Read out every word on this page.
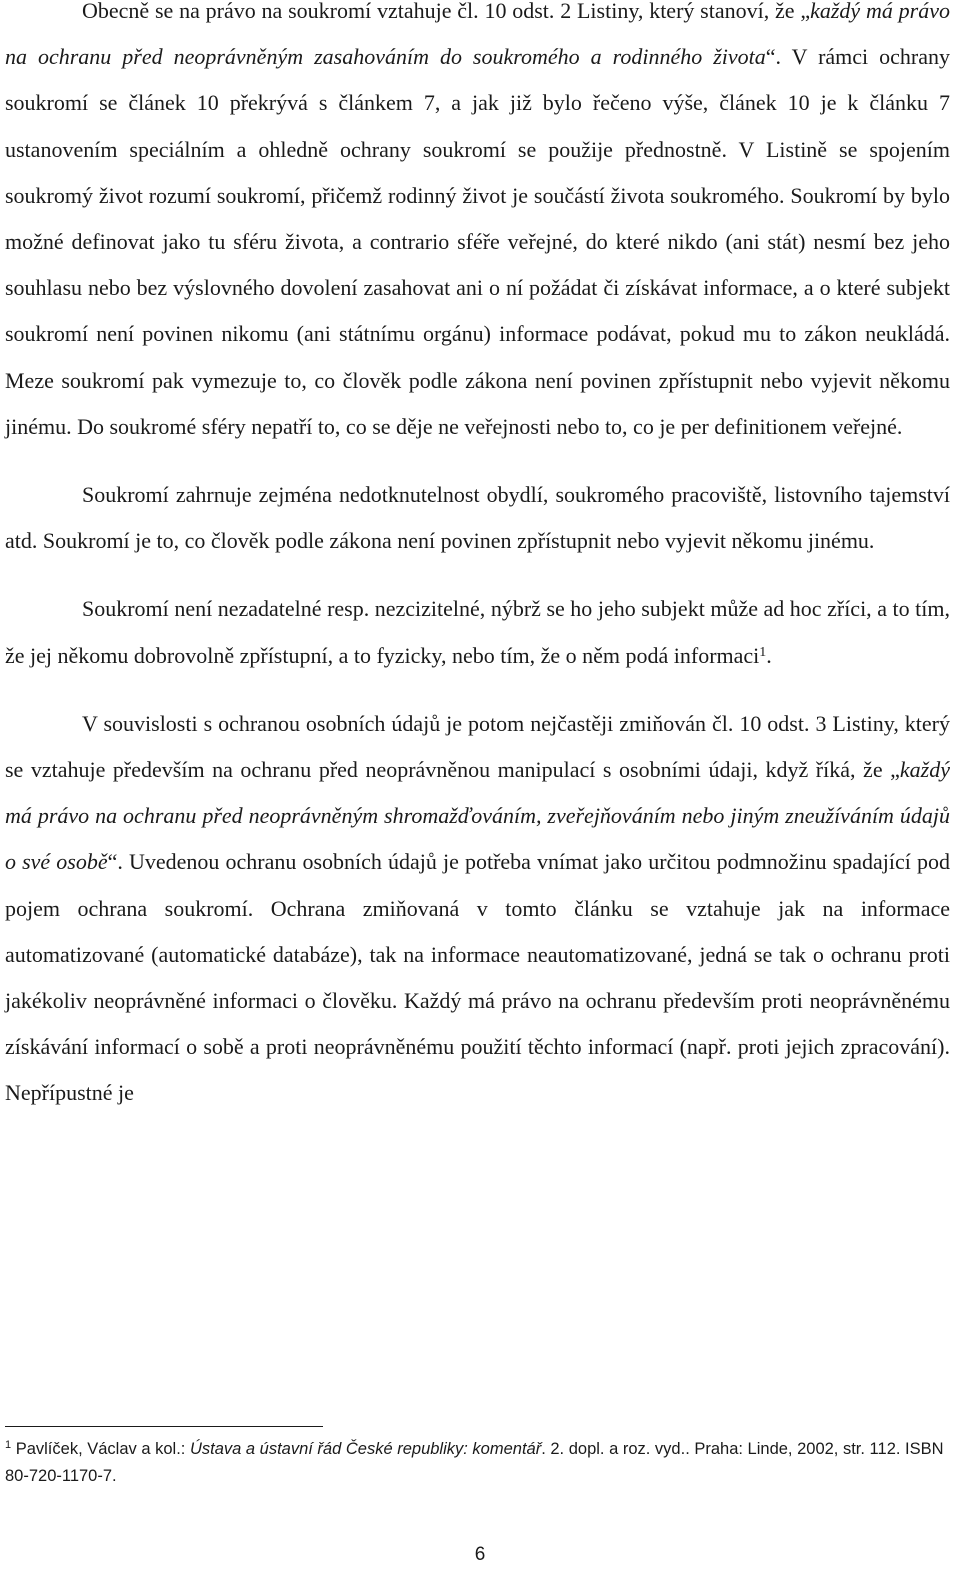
Obecně se na právo na soukromí vztahuje čl. 10 odst. 2 Listiny, který stanoví, že „každý má právo na ochranu před neoprávněným zasahováním do soukromého a rodinného života“. V rámci ochrany soukromí se článek 10 překrývá s článkem 7, a jak již bylo řečeno výše, článek 10 je k článku 7 ustanovením speciálním a ohledně ochrany soukromí se použije přednostně. V Listině se spojením soukromý život rozumí soukromí, přičemž rodinný život je součástí života soukromého. Soukromí by bylo možné definovat jako tu sféru života, a contrario sféře veřejné, do které nikdo (ani stát) nesmí bez jeho souhlasu nebo bez výslovného dovolení zasahovat ani o ní požádat či získávat informace, a o které subjekt soukromí není povinen nikomu (ani státnímu orgánu) informace podávat, pokud mu to zákon neukládá. Meze soukromí pak vymezuje to, co člověk podle zákona není povinen zpřístupnit nebo vyjevit někomu jinému. Do soukromé sféry nepatří to, co se děje ne veřejnosti nebo to, co je per definitionem veřejné.

Soukromí zahrnuje zejména nedotknutelnost obydlí, soukromého pracoviště, listovního tajemství atd. Soukromí je to, co člověk podle zákona není povinen zpřístupnit nebo vyjevit někomu jinému.

Soukromí není nezadatelné resp. nezcizitelné, nýbrž se ho jeho subjekt může ad hoc zříci, a to tím, že jej někomu dobrovolně zpřístupní, a to fyzicky, nebo tím, že o něm podá informaci$^1$.

V souvislosti s ochranou osobních údajů je potom nejčastěji zmiňován čl. 10 odst. 3 Listiny, který se vztahuje především na ochranu před neoprávněnou manipulací s osobními údaji, když říká, že „každý má právo na ochranu před neoprávněným shromažďováním, zveřejňováním nebo jiným zneužíváním údajů o své osobě“. Uvedenou ochranu osobních údajů je potřeba vnímat jako určitou podmnožinu spadající pod pojem ochrana soukromí. Ochrana zmiňovaná v tomto článku se vztahuje jak na informace automatizované (automatické databáze), tak na informace neautomatizované, jedná se tak o ochranu proti jakékoliv neoprávněné informaci o člověku. Každý má právo na ochranu především proti neoprávněnému získávání informací o sobě a proti neoprávněnému použití těchto informací (např. proti jejich zpracování). Nepřípustné je

$^1$ Pavlíček, Václav a kol.: Ústava a ústavní řád České republiky: komentář. 2. dopl. a roz. vyd.. Praha: Linde, 2002, str. 112. ISBN 80-720-1170-7.
6
